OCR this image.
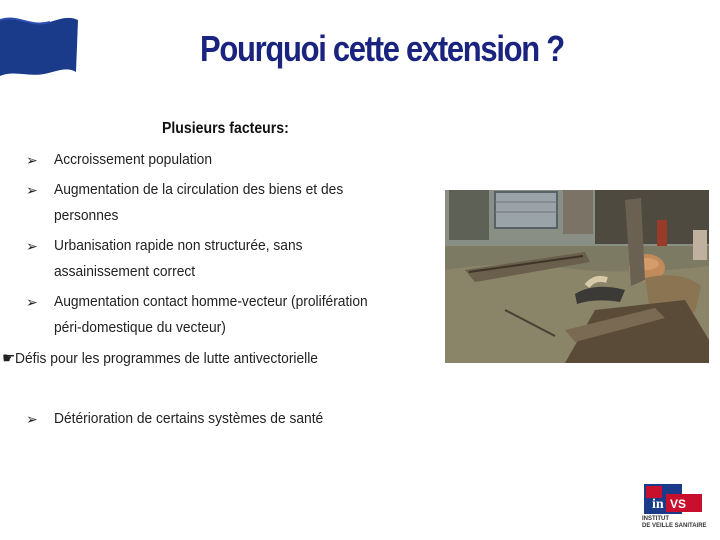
Pourquoi cette extension ?
Plusieurs facteurs:
➢	Accroissement population
➢	Augmentation de la circulation des biens et des personnes
➢	Urbanisation rapide non structurée, sans assainissement correct
➢	Augmentation contact homme-vecteur (prolifération péri-domestique du vecteur)
☛Défis pour les programmes de lutte antivectorielle
➢	Détérioration de certains systèmes de santé
in VS
INSTITUT
DE VEILLE SANITAIRE
